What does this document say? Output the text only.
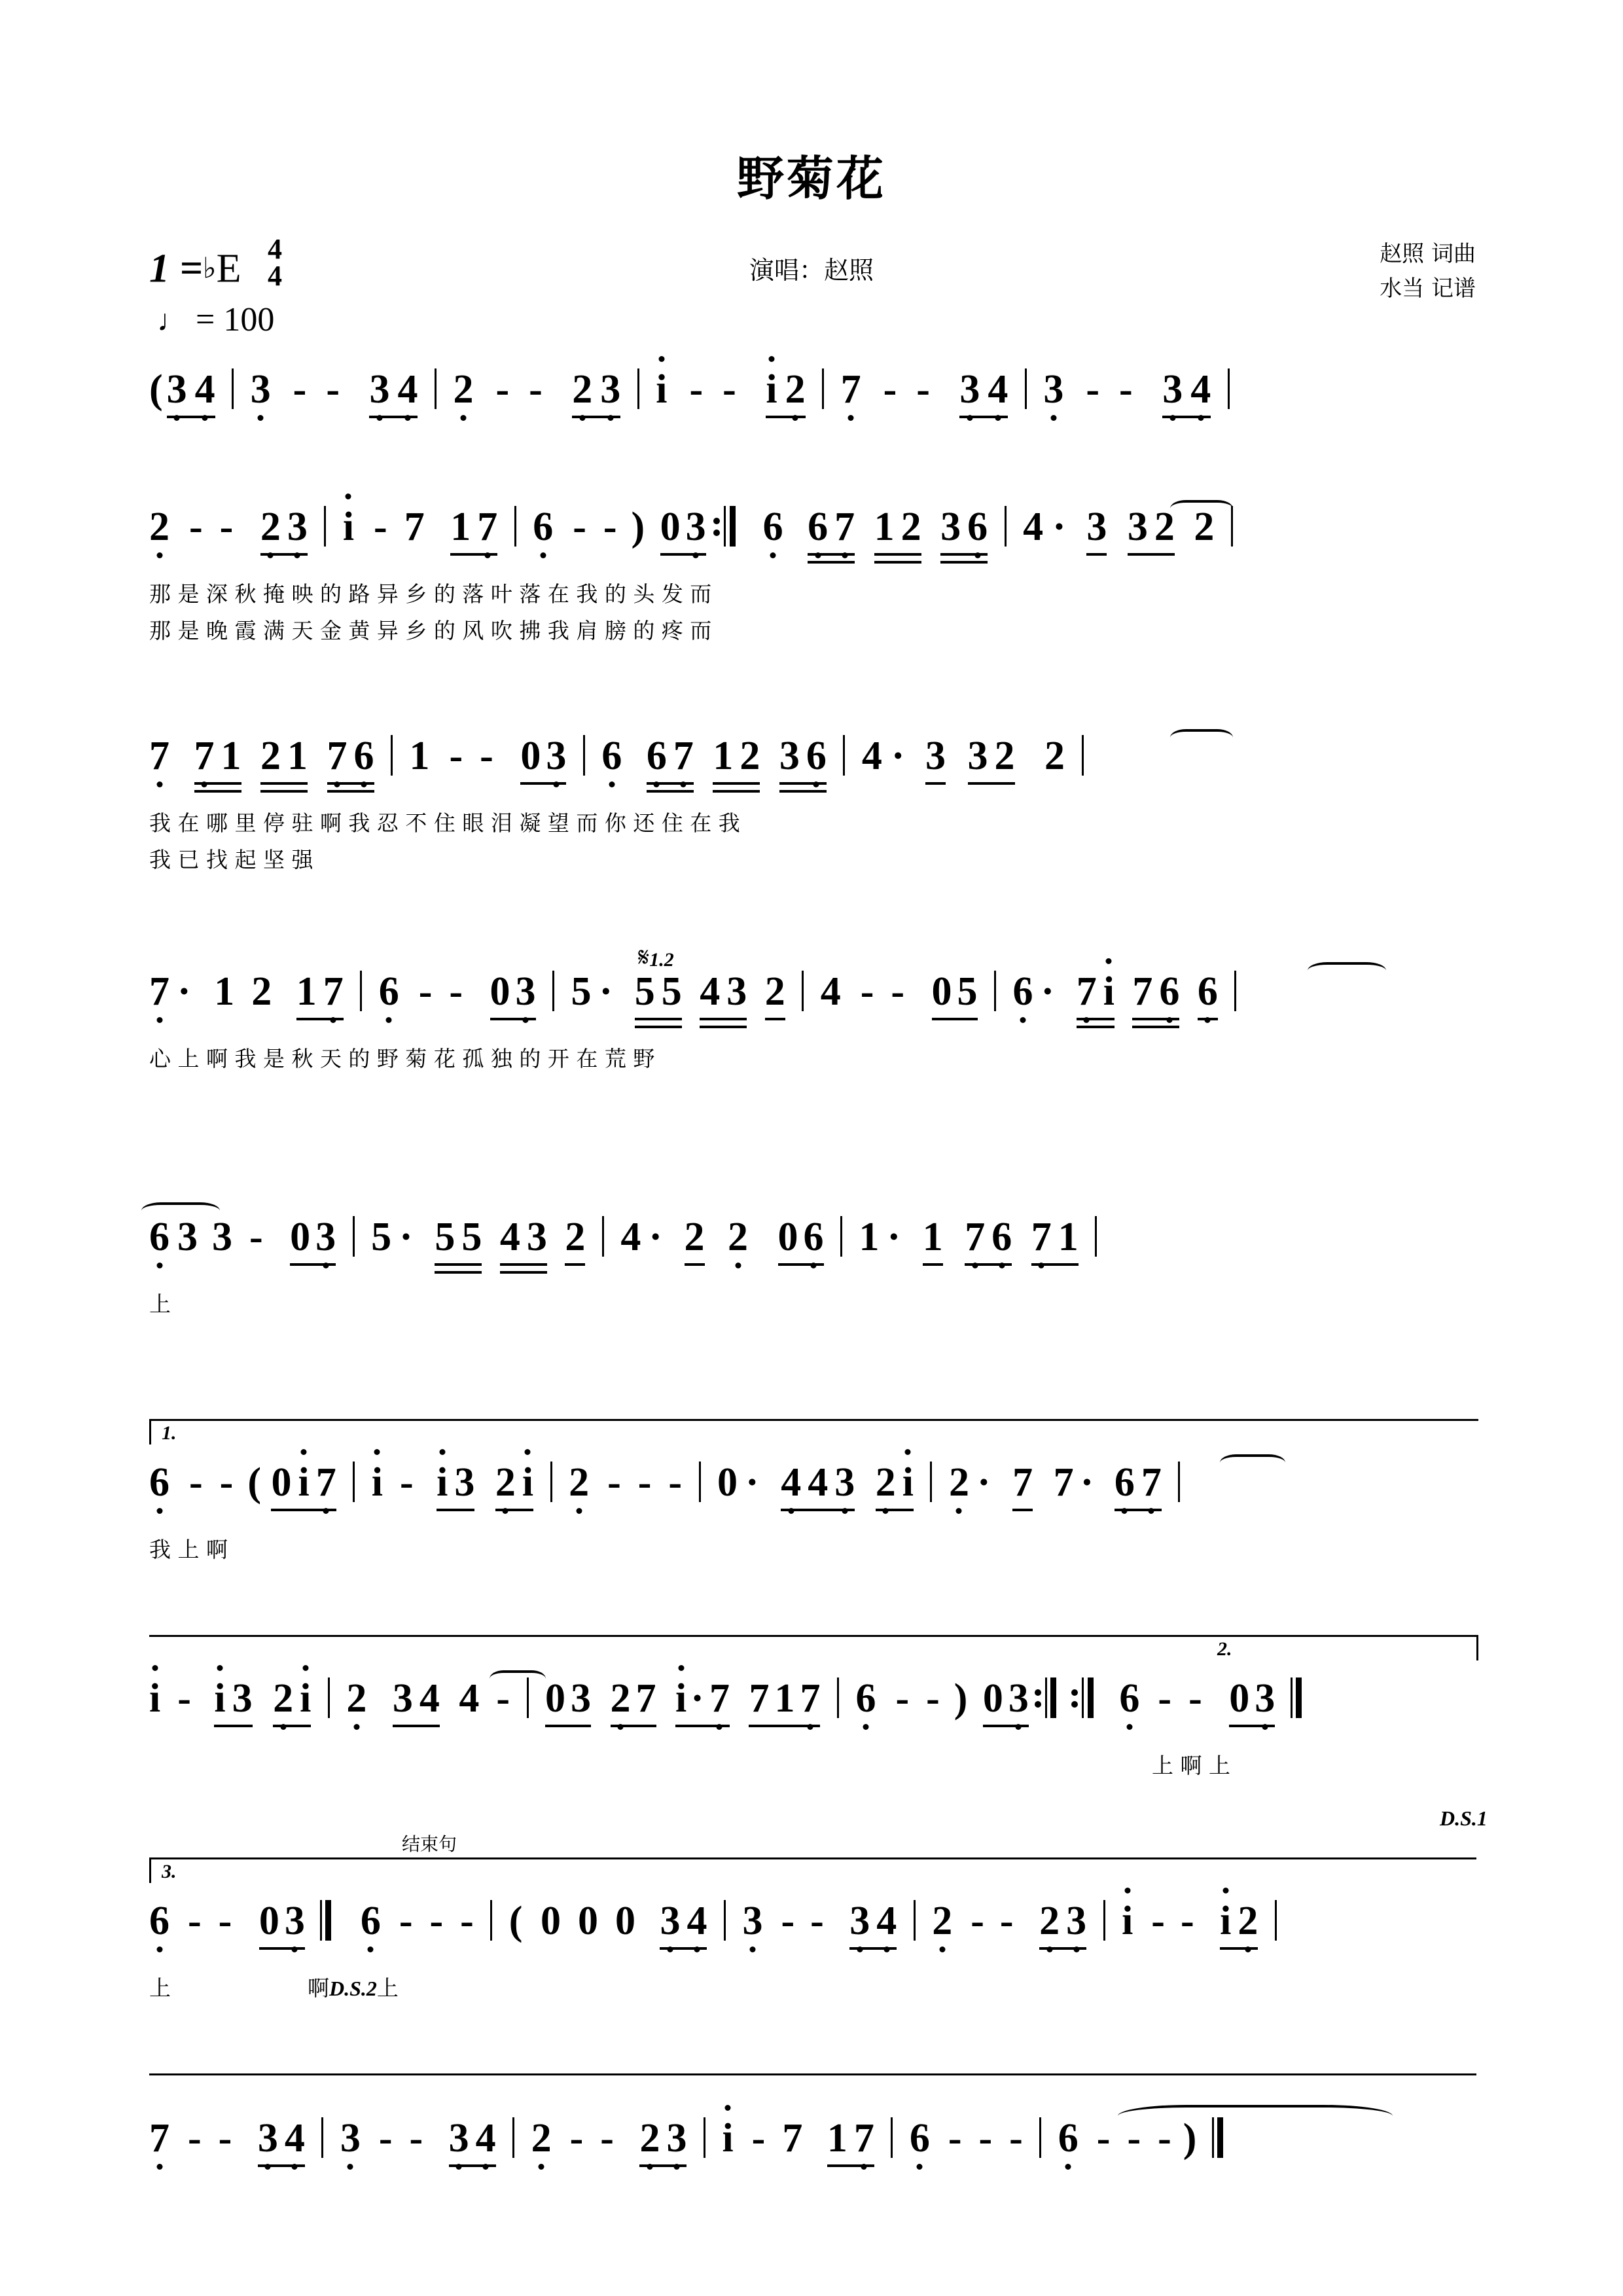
野菊花
演唱：赵照
赵照 词曲
水当 记谱
1 =♭E 4
4
♩ = 100
(3 4 3 - - 3 4 2 - - 2 3 i - - i 2 7 - - 3 4 3 - - 3 4
2 - - 2 3 i - 7 1 7 6 - - ) 0 3 6 6 7 1 2 3 6 4 · 3 3 2 2
那 是 深 秋 掩 映 的 路 异 乡 的 落 叶 落 在 我 的 头 发 而
那 是 晚 霞 满 天 金 黄 异 乡 的 风 吹 拂 我 肩 膀 的 疼 而
7 7 1 2 1 7 6 1 - - 0 3 6 6 7 1 2 3 6 4 · 3 3 2 2
我 在 哪 里 停 驻 啊 我 忍 不 住 眼 泪 凝 望 而 你 还 住 在 我
我 已 找 起 坚 强
𝄋1.2
7 · 1 2 1 7 6 - - 0 3 5 · 5 5 4 3 2 4 - - 0 5 6 · 7 i 7 6 6
心 上 啊 我 是 秋 天 的 野 菊 花 孤 独 的 开 在 荒 野
6 3 3 - 0 3 5 · 5 5 4 3 2 4 · 2 2 0 6 1 · 1 7 6 7 1
上
1.
6 - - ( 0 i 7 i - i 3 2 i 2 - - - 0 · 4 4 3 2 i 2 · 7 7 · 6 7
我 上 啊
2.
i - i 3 2 i 2 3 4 4 - 0 3 2 7 i· 7 7 1 7 6 - - ) 0 3
6 - - 0 3
上 啊 上
D.S.1
3.
结束句
6 - - 0 3 6 - - - ( 0 0 0 3 4 3 - - 3 4 2 - - 2 3 i - - i 2
上	啊D.S.2上
7 - - 3 4 3 - - 3 4 2 - - 2 3 i - 7 1 7 6 - - - 6 - - - )
